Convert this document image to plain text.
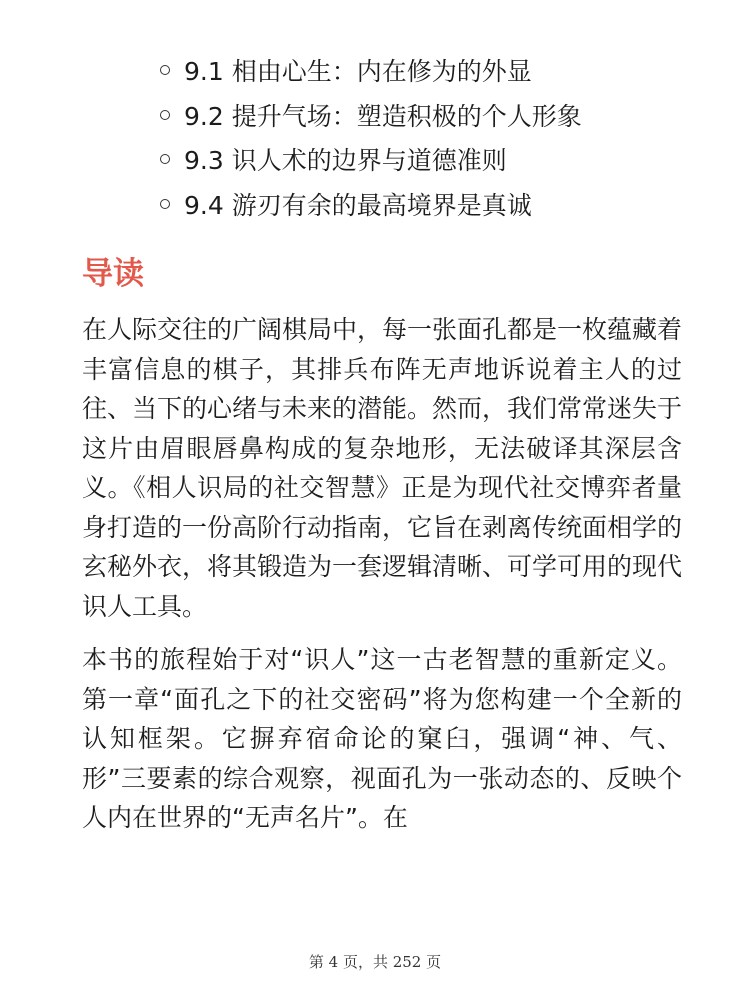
9.1 相由心生：内在修为的外显
9.2 提升气场：塑造积极的个人形象
9.3 识人术的边界与道德准则
9.4 游刃有余的最高境界是真诚
导读

在人际交往的广阔棋局中，每一张面孔都是一枚蕴藏着丰富信息的棋子，其排兵布阵无声地诉说着主人的过往、当下的心绪与未来的潜能。然而，我们常常迷失于这片由眉眼唇鼻构成的复杂地形，无法破译其深层含义。《相人识局的社交智慧》正是为现代社交博弈者量身打造的一份高阶行动指南，它旨在剥离传统面相学的玄秘外衣，将其锻造为一套逻辑清晰、可学可用的现代识人工具。

本书的旅程始于对“识人”这一古老智慧的重新定义。第一章“面孔之下的社交密码”将为您构建一个全新的认知框架。它摒弃宿命论的窠臼，强调“神、气、形”三要素的综合观察，视面孔为一张动态的、反映个人内在世界的“无声名片”。在

第 4 页，共 252 页
